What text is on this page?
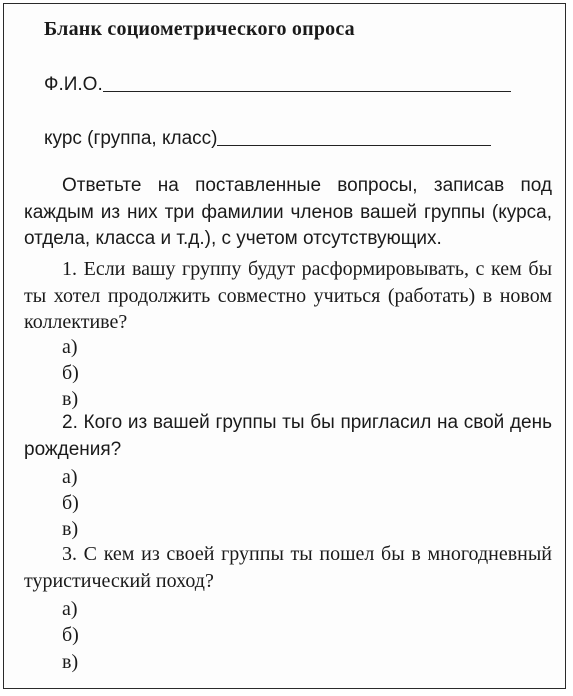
Бланк социометрического опроса
Ф.И.О.
курс (группа, класс)
Ответьте на поставленные вопросы, записав под каждым из них три фамилии членов вашей группы (курса, отдела, класса и т.д.), с учетом отсутствующих.
1. Если вашу группу будут расформировывать, с кем бы ты хотел продолжить совместно учиться (работать) в новом коллективе?
а)
б)
в)
2. Кого из вашей группы ты бы пригласил на свой день рождения?
а)
б)
в)
3. С кем из своей группы ты пошел бы в многодневный туристический поход?
а)
б)
в)
